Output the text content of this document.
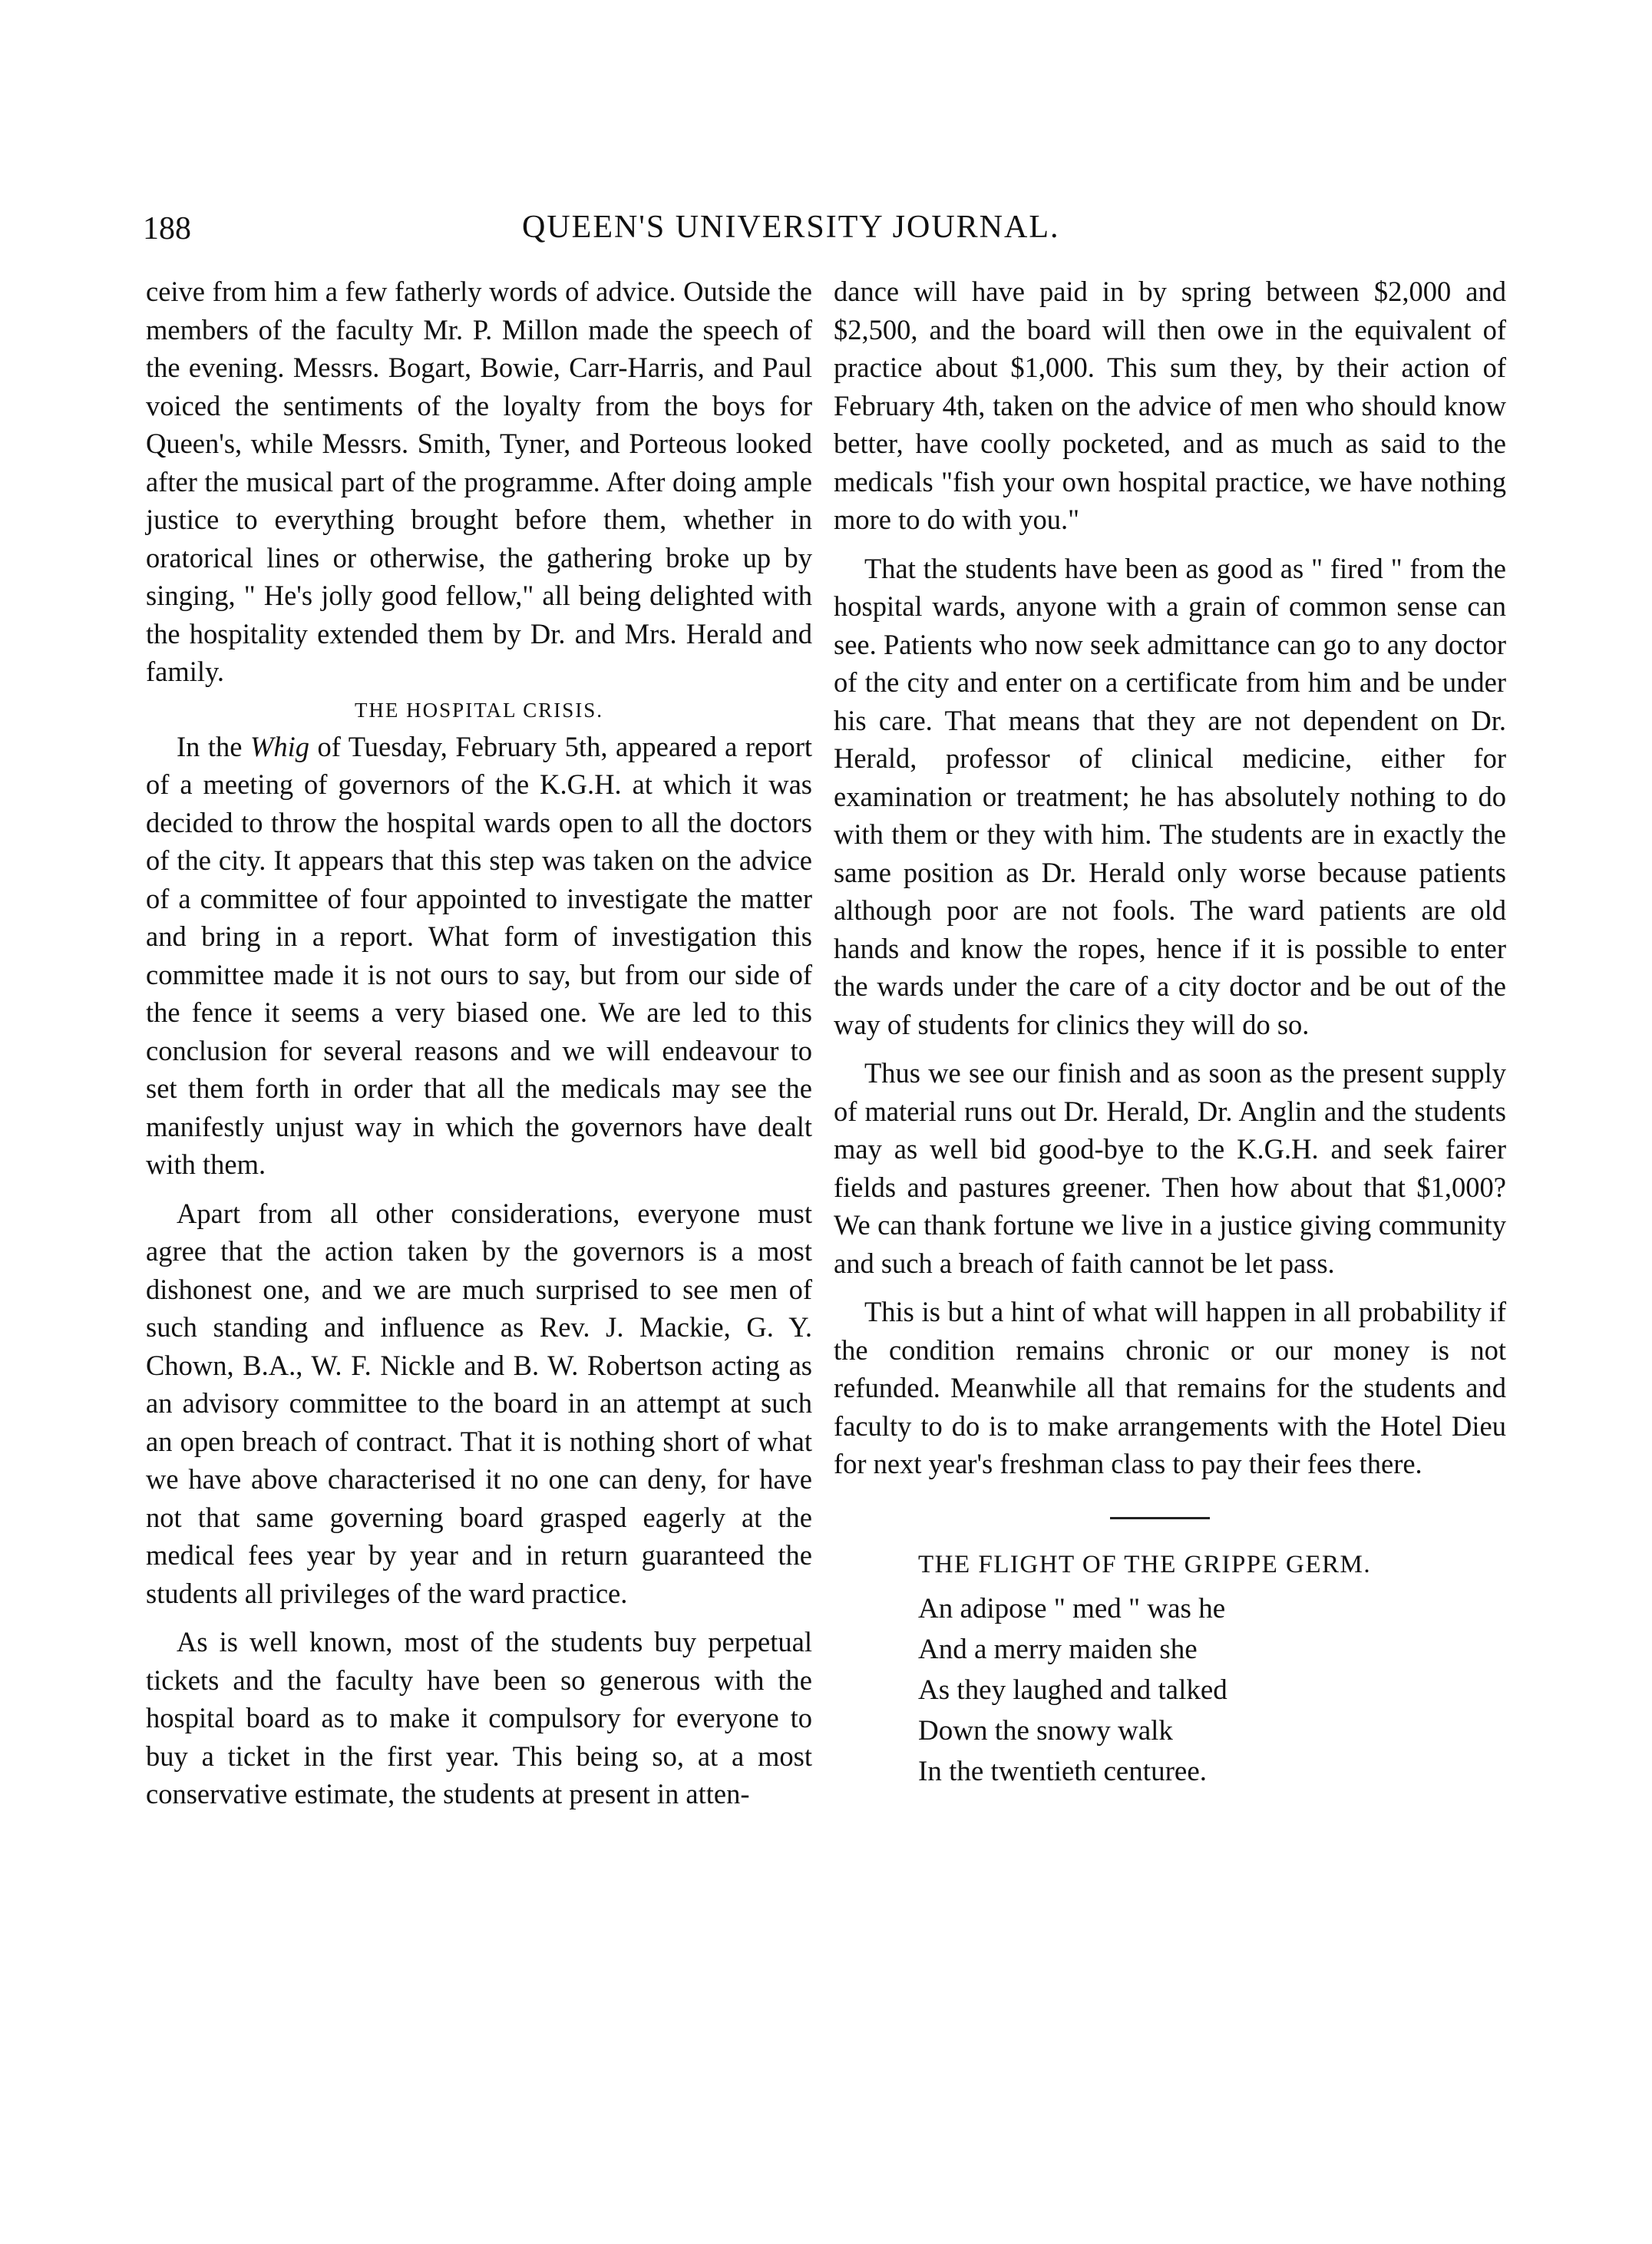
188	QUEEN'S UNIVERSITY JOURNAL.

ceive from him a few fatherly words of advice. Outside the members of the faculty Mr. P. Millon made the speech of the evening. Messrs. Bogart, Bowie, Carr-Harris, and Paul voiced the sentiments of the loyalty from the boys for Queen's, while Messrs. Smith, Tyner, and Porteous looked after the musical part of the programme. After doing ample justice to everything brought before them, whether in oratorical lines or otherwise, the gathering broke up by singing, " He's jolly good fellow," all being delighted with the hospitality extended them by Dr. and Mrs. Herald and family.

THE HOSPITAL CRISIS.

In the Whig of Tuesday, February 5th, appeared a report of a meeting of governors of the K.G.H. at which it was decided to throw the hospital wards open to all the doctors of the city. It appears that this step was taken on the advice of a committee of four appointed to investigate the matter and bring in a report. What form of investigation this committee made it is not ours to say, but from our side of the fence it seems a very biased one. We are led to this conclusion for several reasons and we will endeavour to set them forth in order that all the medicals may see the manifestly unjust way in which the governors have dealt with them.

Apart from all other considerations, everyone must agree that the action taken by the governors is a most dishonest one, and we are much surprised to see men of such standing and influence as Rev. J. Mackie, G. Y. Chown, B.A., W. F. Nickle and B. W. Robertson acting as an advisory committee to the board in an attempt at such an open breach of contract. That it is nothing short of what we have above characterised it no one can deny, for have not that same governing board grasped eagerly at the medical fees year by year and in return guaranteed the students all privileges of the ward practice.

As is well known, most of the students buy perpetual tickets and the faculty have been so generous with the hospital board as to make it compulsory for everyone to buy a ticket in the first year. This being so, at a most conservative estimate, the students at present in atten-

dance will have paid in by spring between $2,000 and $2,500, and the board will then owe in the equivalent of practice about $1,000. This sum they, by their action of February 4th, taken on the advice of men who should know better, have coolly pocketed, and as much as said to the medicals "fish your own hospital practice, we have nothing more to do with you."

That the students have been as good as " fired " from the hospital wards, anyone with a grain of common sense can see. Patients who now seek admittance can go to any doctor of the city and enter on a certificate from him and be under his care. That means that they are not dependent on Dr. Herald, professor of clinical medicine, either for examination or treatment; he has absolutely nothing to do with them or they with him. The students are in exactly the same position as Dr. Herald only worse because patients although poor are not fools. The ward patients are old hands and know the ropes, hence if it is possible to enter the wards under the care of a city doctor and be out of the way of students for clinics they will do so.

Thus we see our finish and as soon as the present supply of material runs out Dr. Herald, Dr. Anglin and the students may as well bid good-bye to the K.G.H. and seek fairer fields and pastures greener. Then how about that $1,000? We can thank fortune we live in a justice giving community and such a breach of faith cannot be let pass.

This is but a hint of what will happen in all probability if the condition remains chronic or our money is not refunded. Meanwhile all that remains for the students and faculty to do is to make arrangements with the Hotel Dieu for next year's freshman class to pay their fees there.

THE FLIGHT OF THE GRIPPE GERM.
An adipose " med " was he
And a merry maiden she
As they laughed and talked
Down the snowy walk
In the twentieth centuree.
